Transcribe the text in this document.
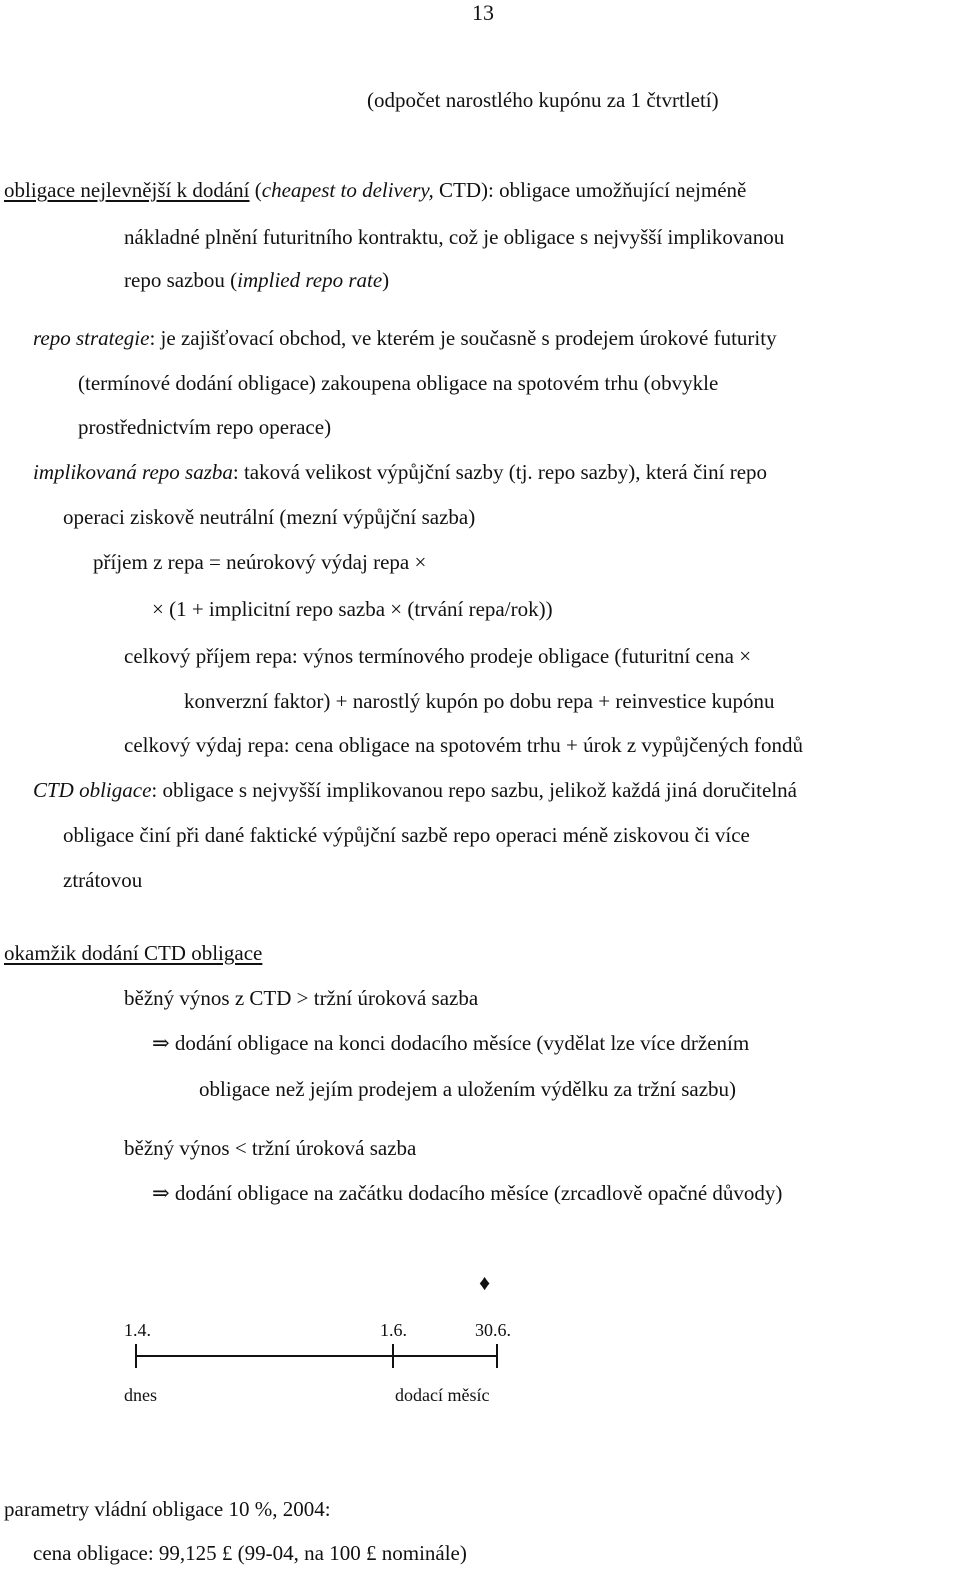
13
(odpočet narostlého kupónu za 1 čtvrtletí)
obligace nejlevnější k dodání (cheapest to delivery, CTD): obligace umožňující nejméně
nákladné plnění futuritního kontraktu, což je obligace s nejvyšší implikovanou
repo sazbou (implied repo rate)
repo strategie: je zajišťovací obchod, ve kterém je současně s prodejem úrokové futurity
(termínové dodání obligace) zakoupena obligace na spotovém trhu (obvykle
prostřednictvím repo operace)
implikovaná repo sazba: taková velikost výpůjční sazby (tj. repo sazby), která činí repo
operaci ziskově neutrální (mezní výpůjční sazba)
příjem z repa = neúrokový výdaj repa ×
× (1 + implicitní repo sazba × (trvání repa/rok))
celkový příjem repa: výnos termínového prodeje obligace (futuritní cena ×
konverzní faktor) + narostlý kupón po dobu repa + reinvestice kupónu
celkový výdaj repa: cena obligace na spotovém trhu + úrok z vypůjčených fondů
CTD obligace: obligace s nejvyšší implikovanou repo sazbu, jelikož každá jiná doručitelná
obligace činí při dané faktické výpůjční sazbě repo operaci méně ziskovou či více
ztrátovou
okamžik dodání CTD obligace
běžný výnos z CTD > tržní úroková sazba
⇒ dodání obligace na konci dodacího měsíce (vydělat lze více držením
obligace než jejím prodejem a uložením výdělku za tržní sazbu)
běžný výnos < tržní úroková sazba
⇒ dodání obligace na začátku dodacího měsíce (zrcadlově opačné důvody)
♦
1.4.	1.6.	30.6.
dnes	dodací měsíc
parametry vládní obligace 10 %, 2004:
cena obligace: 99,125 £ (99-04, na 100 £ nominále)
